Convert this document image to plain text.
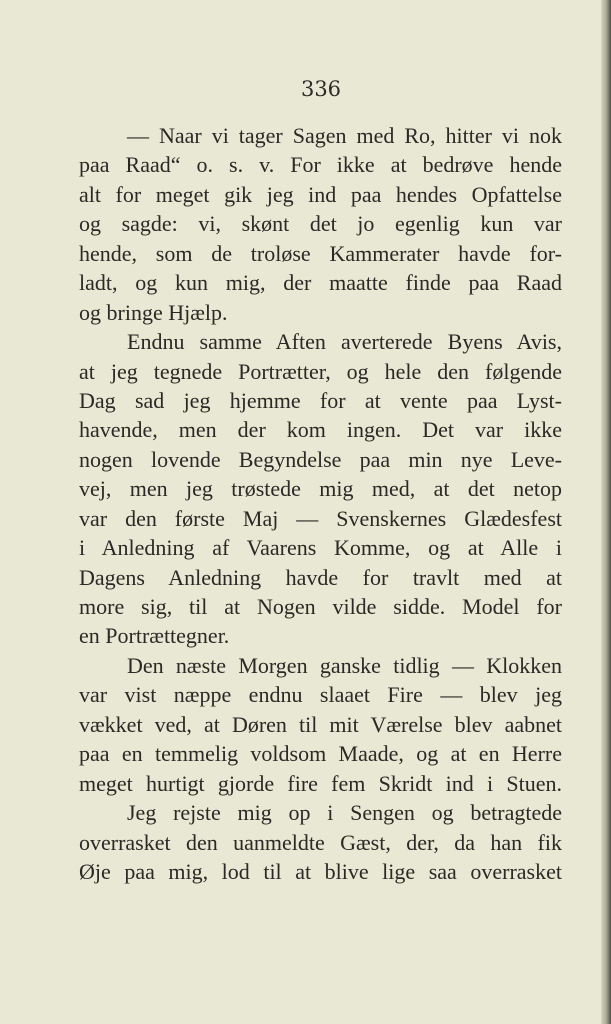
336

— Naar vi tager Sagen med Ro, hitter vi nok
paa Raad“ o. s. v. For ikke at bedrøve hende
alt for meget gik jeg ind paa hendes Opfattelse
og sagde: vi, skønt det jo egenlig kun var
hende, som de troløse Kammerater havde for-
ladt, og kun mig, der maatte finde paa Raad
og bringe Hjælp.
Endnu samme Aften averterede Byens Avis,
at jeg tegnede Portrætter, og hele den følgende
Dag sad jeg hjemme for at vente paa Lyst-
havende, men der kom ingen. Det var ikke
nogen lovende Begyndelse paa min nye Leve-
vej, men jeg trøstede mig med, at det netop
var den første Maj — Svenskernes Glædesfest
i Anledning af Vaarens Komme, og at Alle i
Dagens Anledning havde for travlt med at
more sig, til at Nogen vilde sidde. Model for
en Portrættegner.
Den næste Morgen ganske tidlig — Klokken
var vist næppe endnu slaaet Fire — blev jeg
vækket ved, at Døren til mit Værelse blev aabnet
paa en temmelig voldsom Maade, og at en Herre
meget hurtigt gjorde fire fem Skridt ind i Stuen.
Jeg rejste mig op i Sengen og betragtede
overrasket den uanmeldte Gæst, der, da han fik
Øje paa mig, lod til at blive lige saa overrasket
